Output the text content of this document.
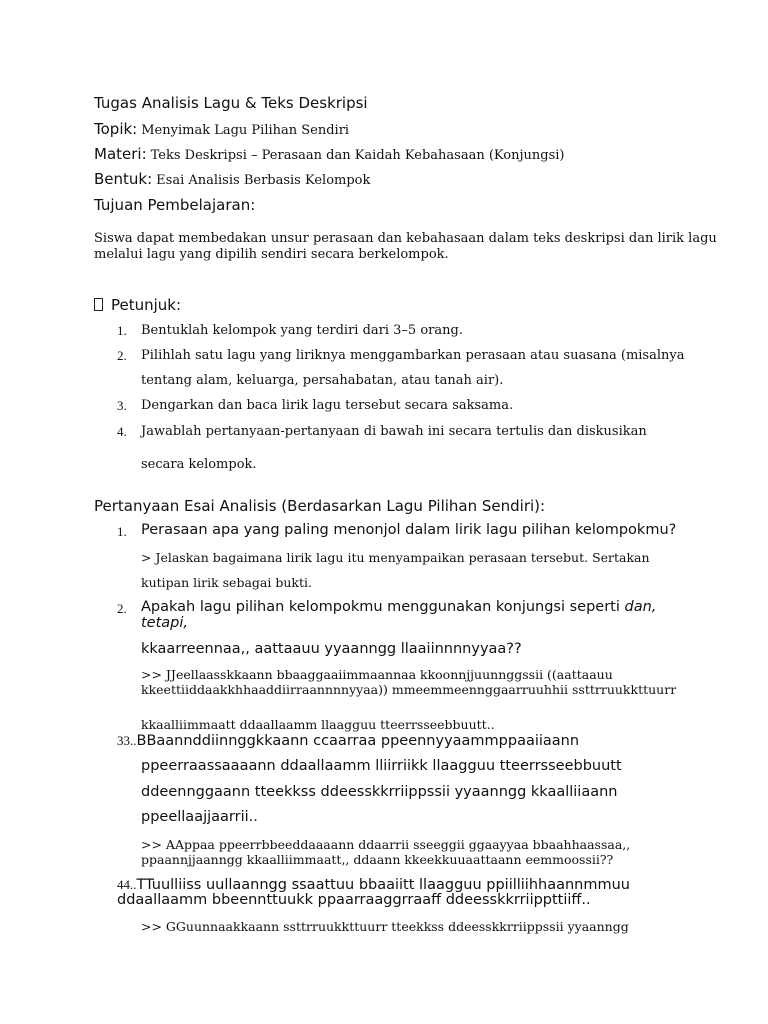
Tugas Analisis Lagu & Teks Deskripsi
Topik: Menyimak Lagu Pilihan Sendiri
Materi: Teks Deskripsi – Perasaan dan Kaidah Kebahasaan (Konjungsi)
Bentuk: Esai Analisis Berbasis Kelompok
Tujuan Pembelajaran:
Siswa dapat membedakan unsur perasaan dan kebahasaan dalam teks deskripsi dan lirik lagu
melalui lagu yang dipilih sendiri secara berkelompok.
Petunjuk:
1. Bentuklah kelompok yang terdiri dari 3–5 orang.
2. Pilihlah satu lagu yang liriknya menggambarkan perasaan atau suasana (misalnya
tentang alam, keluarga, persahabatan, atau tanah air).
3. Dengarkan dan baca lirik lagu tersebut secara saksama.
4. Jawablah pertanyaan-pertanyaan di bawah ini secara tertulis dan diskusikan
secara kelompok.
Pertanyaan Esai Analisis (Berdasarkan Lagu Pilihan Sendiri):
1. Perasaan apa yang paling menonjol dalam lirik lagu pilihan kelompokmu?
> Jelaskan bagaimana lirik lagu itu menyampaikan perasaan tersebut. Sertakan
kutipan lirik sebagai bukti.
2. Apakah lagu pilihan kelompokmu menggunakan konjungsi seperti dan,
tetapi,
kkaarreennaa,, aattaauu yyaanngg llaaiinnnnyyaa??
>> JJeellaasskkaann bbaaggaaiimmaannaa kkoonnjjuunnggssii ((aattaauu
kkeettiiddaakkhhaaddiirraannnnyyaa)) mmeemmeennggaarruuhhii ssttrruukkttuurr
kkaalliimmaatt ddaallaamm llaagguu tteerrsseebbuutt..
33..BBaannddiinnggkkaann ccaarraa ppeennyyaammppaaiiaann
ppeerraassaaaann ddaallaamm lliirriikk llaagguu tteerrsseebbuutt
ddeennggaann tteekkss ddeesskkrriippssii yyaanngg kkaalliiaann
ppeellaajjaarrii..
>> AAppaa ppeerrbbeeddaaaann ddaarrii sseeggii ggaayyaa bbaahhaassaa,,
ppaannjjaanngg kkaalliimmaatt,, ddaann kkeekkuuaattaann eemmoossii??
44..TTuulliiss uullaanngg ssaattuu bbaaiitt llaagguu ppiilliihhaannmmuu
ddaallaamm bbeennttuukk ppaarraaggrraaff ddeesskkrriippttiiff..
>> GGuunnaakkaann ssttrruukkttuurr tteekkss ddeesskkrriippssii yyaanngg
